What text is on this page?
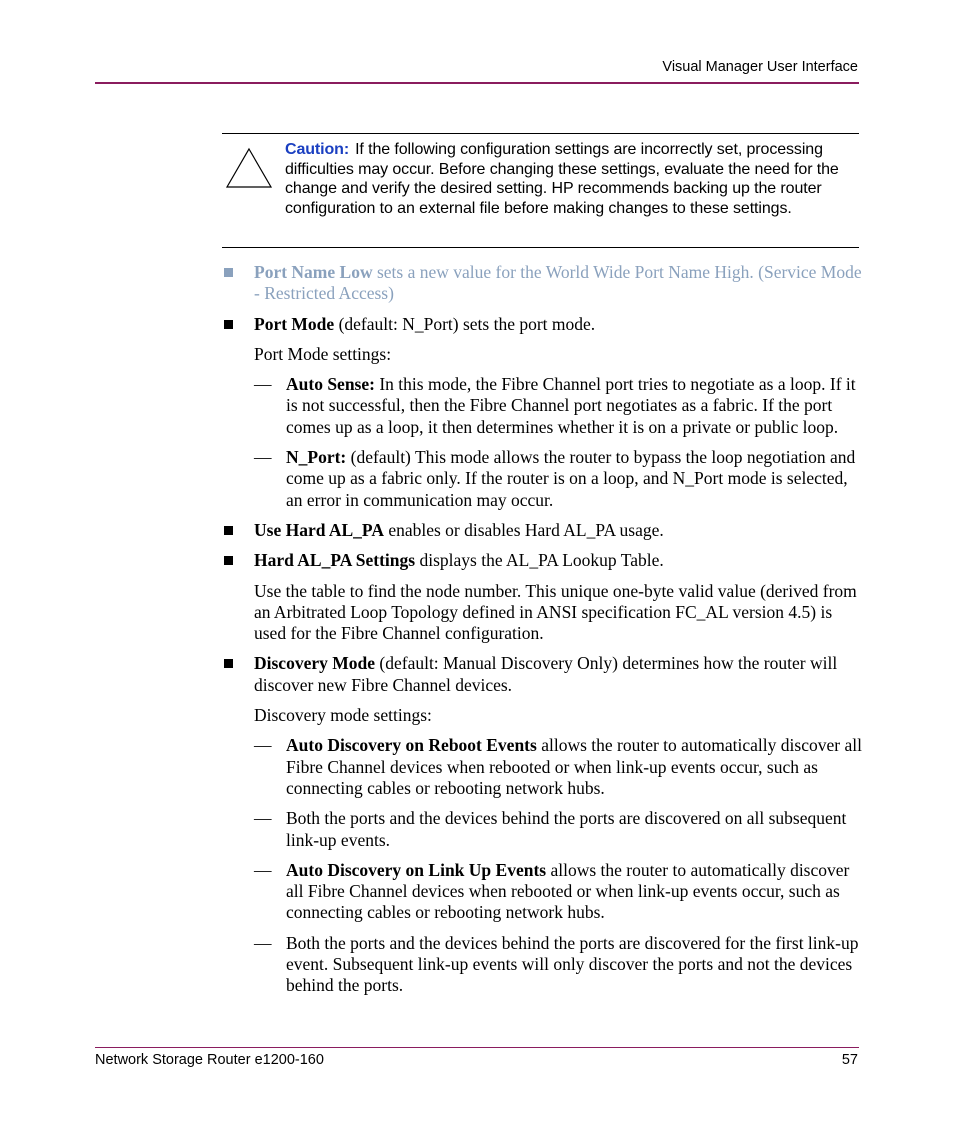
Visual Manager User Interface
Caution: If the following configuration settings are incorrectly set, processing difficulties may occur. Before changing these settings, evaluate the need for the change and verify the desired setting. HP recommends backing up the router configuration to an external file before making changes to these settings.
Port Name Low sets a new value for the World Wide Port Name High. (Service Mode - Restricted Access)
Port Mode (default: N_Port) sets the port mode.
Port Mode settings:
— Auto Sense: In this mode, the Fibre Channel port tries to negotiate as a loop. If it is not successful, then the Fibre Channel port negotiates as a fabric. If the port comes up as a loop, it then determines whether it is on a private or public loop.
— N_Port: (default) This mode allows the router to bypass the loop negotiation and come up as a fabric only. If the router is on a loop, and N_Port mode is selected, an error in communication may occur.
Use Hard AL_PA enables or disables Hard AL_PA usage.
Hard AL_PA Settings displays the AL_PA Lookup Table.
Use the table to find the node number. This unique one-byte valid value (derived from an Arbitrated Loop Topology defined in ANSI specification FC_AL version 4.5) is used for the Fibre Channel configuration.
Discovery Mode (default: Manual Discovery Only) determines how the router will discover new Fibre Channel devices.
Discovery mode settings:
— Auto Discovery on Reboot Events allows the router to automatically discover all Fibre Channel devices when rebooted or when link-up events occur, such as connecting cables or rebooting network hubs.
— Both the ports and the devices behind the ports are discovered on all subsequent link-up events.
— Auto Discovery on Link Up Events allows the router to automatically discover all Fibre Channel devices when rebooted or when link-up events occur, such as connecting cables or rebooting network hubs.
— Both the ports and the devices behind the ports are discovered for the first link-up event. Subsequent link-up events will only discover the ports and not the devices behind the ports.
Network Storage Router e1200-160	57
